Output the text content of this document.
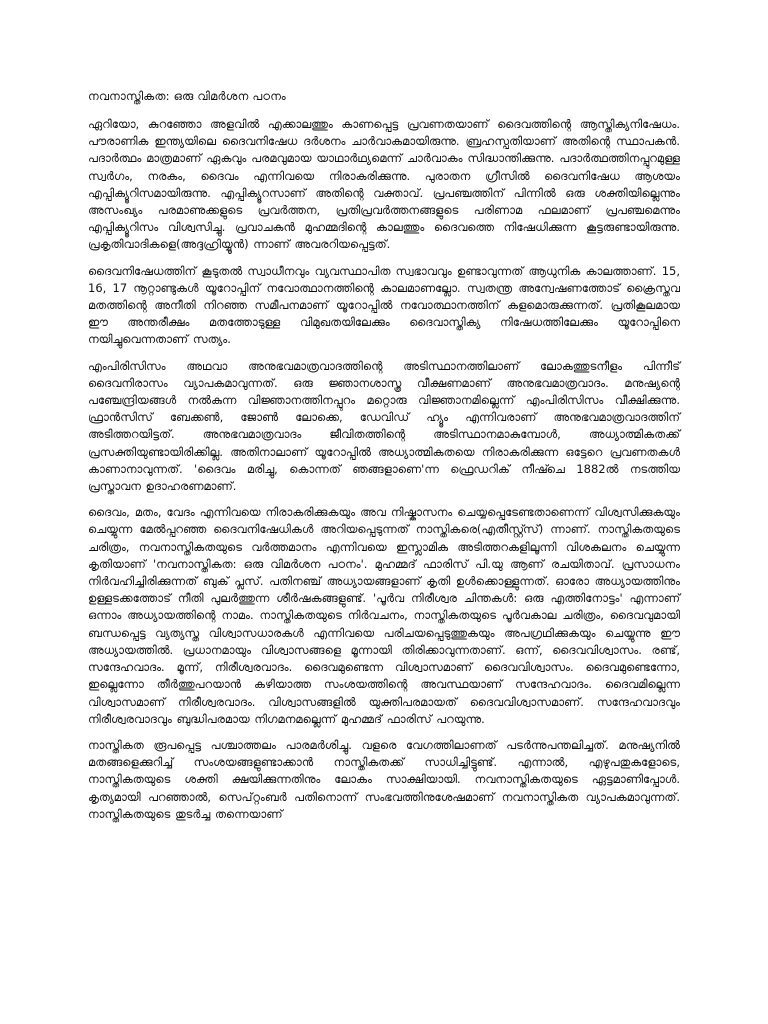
നവനാസ്തികത: ഒരു വിമർശന പഠനം

ഏറിയോ, കുറഞ്ഞോ അളവിൽ എക്കാലത്തും കാണപ്പെട്ട പ്രവണതയാണ് ദൈവത്തിന്റെ ആസ്തിക്യനിഷേധം. പൗരാണിക ഇന്ത്യയിലെ ദൈവനിഷേധ ദർശനം ചാർവാകമായിരുന്നു. ബ്രഹസ്പതിയാണ് അതിന്റെ സ്ഥാപകൻ. പദാർത്ഥം മാത്രമാണ് ഏകവും പരമവുമായ യാഥാർഥ്യമെന്ന് ചാർവാകം സിദ്ധാന്തിക്കുന്നു. പദാർത്ഥത്തിനപ്പുറമുള്ള സ്വർഗം, നരകം, ദൈവം എന്നിവയെ നിരാകരിക്കുന്നു. പുരാതന ഗ്രീസിൽ ദൈവനിഷേധ ആശയം എപ്പിക്യൂറിസമായിരുന്നു. എപ്പിക്യൂറസാണ് അതിന്റെ വക്താവ്. പ്രപഞ്ചത്തിന് പിന്നിൽ ഒരു ശക്തിയില്ലെന്നും അസംഖ്യം പരമാണുക്കളുടെ പ്രവർത്തന, പ്രതിപ്രവർത്തനങ്ങളുടെ പരിണാമ ഫലമാണ് പ്രപഞ്ചമെന്നും എപ്പിക്യൂറിസം വിശ്വസിച്ചു. പ്രവാചകൻ മുഹമ്മദിന്റെ കാലത്തും ദൈവത്തെ നിഷേധിക്കുന്ന കൂട്ടരുണ്ടായിരുന്നു. പ്രകൃതിവാദികളെ(അദ്ദഹ്രിയ്യൂൻ) ന്നാണ് അവരറിയപ്പെട്ടത്.

ദൈവനിഷേധത്തിന് കൂടുതൽ സ്വാധീനവും വ്യവസ്ഥാപിത സ്വഭാവവും ഉണ്ടാവുന്നത് ആധുനിക കാലത്താണ്. 15, 16, 17 നൂറ്റാണ്ടുകൾ യൂറോപ്പിന് നവോത്ഥാനത്തിന്റെ കാലമാണല്ലോ. സ്വതന്ത്ര അന്വേഷണത്തോട് ക്രൈസ്തവ മതത്തിന്റെ അനീതി നിറഞ്ഞ സമീപനമാണ് യൂറോപ്പിൽ നവോത്ഥാനത്തിന് കളമൊരുക്കുന്നത്. പ്രതികൂലമായ ഈ അന്തരീക്ഷം മതത്തോടുള്ള വിമുഖതയിലേക്കും ദൈവാസ്തിക്യ നിഷേധത്തിലേക്കും യൂറോപ്പിനെ നയിച്ചുവെന്നതാണ് സത്യം.

എംപിരിസിസം അഥവാ അനുഭവമാത്രവാദത്തിന്റെ അടിസ്ഥാനത്തിലാണ് ലോകത്തുടനീളം പിന്നീട് ദൈവനിരാസം വ്യാപകമാവുന്നത്. ഒരു ജ്ഞാനശാസ്ത്ര വീക്ഷണമാണ് അനുഭവമാത്രവാദം. മനുഷ്യന്റെ പഞ്ചേന്ദ്രിയങ്ങൾ നൽകുന്ന വിജ്ഞാനത്തിനപ്പുറം മറ്റൊരു വിജ്ഞാനമില്ലെന്ന് എംപിരിസിസം വീക്ഷിക്കുന്നു. ഫ്രാൻസിസ് ബേക്കൺ, ജോൺ ലോക്കെ, ഡേവിഡ് ഹ്യൂം എന്നിവരാണ് അനുഭവമാത്രവാദത്തിന് അടിത്തറയിട്ടത്. അനുഭവമാത്രവാദം ജീവിതത്തിന്റെ അടിസ്ഥാനമാകുമ്പോൾ, അധ്യാത്മികതക്ക് പ്രസക്തിയുണ്ടായിരിക്കില്ല. അതിനാലാണ് യൂറോപ്പിൽ അധ്യാത്മികതയെ നിരാകരിക്കുന്ന ഒട്ടേറെ പ്രവണതകൾ കാണാനാവുന്നത്. 'ദൈവം മരിച്ചു, കൊന്നത് ഞങ്ങളാണെ'ന്ന ഫ്രെഡറിക് നീഷ്ചെ 1882ൽ നടത്തിയ പ്രസ്താവന ഉദാഹരണമാണ്.

ദൈവം, മതം, വേദം എന്നിവയെ നിരാകരിക്കുകയും അവ നിഷ്കാസനം ചെയ്യപ്പെടേണ്ടതാണെന്ന് വിശ്വസിക്കുകയും ചെയ്യുന്ന മേൽപ്പറഞ്ഞ ദൈവനിഷേധികൾ അറിയപ്പെടുന്നത് നാസ്തികരെ(എതീസ്റ്റ്സ്) ന്നാണ്. നാസ്തികതയുടെ ചരിത്രം, നവനാസ്തികതയുടെ വർത്തമാനം എന്നിവയെ ഇസ്ലാമിക അടിത്തറകളിലൂന്നി വിശകലനം ചെയ്യുന്ന കൃതിയാണ് 'നവനാസ്തികത: ഒരു വിമർശന പഠനം'. മുഹമ്മദ് ഫാരിസ് പി.യു ആണ് രചയിതാവ്. പ്രസാധനം നിർവഹിച്ചിരിക്കുന്നത് ബുക് പ്ലസ്. പതിനഞ്ച് അധ്യായങ്ങളാണ് കൃതി ഉൾക്കൊള്ളുന്നത്. ഓരോ അധ്യായത്തിനും ഉള്ളടക്കത്തോട് നീതി പുലർത്തുന്ന ശീർഷകങ്ങളുണ്ട്. 'പൂർവ നിരീശ്വര ചിന്തകൾ: ഒരു എത്തിനോട്ടം' എന്നാണ് ഒന്നാം അധ്യായത്തിന്റെ നാമം. നാസ്തികതയുടെ നിർവചനം, നാസ്തികതയുടെ പൂർവകാല ചരിത്രം, ദൈവവുമായി ബന്ധപ്പെട്ട വ്യത്യസ്ത വിശ്വാസധാരകൾ എന്നിവയെ പരിചയപ്പെടുത്തുകയും അപഗ്രഥിക്കുകയും ചെയ്യുന്നു ഈ അധ്യായത്തിൽ. പ്രധാനമായും വിശ്വാസങ്ങളെ മൂന്നായി തിരിക്കാവുന്നതാണ്. ഒന്ന്, ദൈവവിശ്വാസം. രണ്ട്, സന്ദേഹവാദം. മൂന്ന്, നിരീശ്വരവാദം. ദൈവമുണ്ടെന്ന വിശ്വാസമാണ് ദൈവവിശ്വാസം. ദൈവമുണ്ടെന്നോ, ഇല്ലെന്നോ തീർത്തുപറയാൻ കഴിയാത്ത സംശയത്തിന്റെ അവസ്ഥയാണ് സന്ദേഹവാദം. ദൈവമില്ലെന്ന വിശ്വാസമാണ് നിരീശ്വരവാദം. വിശ്വാസങ്ങളിൽ യുക്തിപരമായത് ദൈവവിശ്വാസമാണ്. സന്ദേഹവാദവും നിരീശ്വരവാദവും ബുദ്ധിപരമായ നിഗമനമല്ലെന്ന് മുഹമ്മദ് ഫാരിസ് പറയുന്നു.

നാസ്തികത രൂപപ്പെട്ട പശ്ചാത്തലം പാരമർശിച്ചു. വളരെ വേഗത്തിലാണത് പടർന്നുപന്തലിച്ചത്. മനുഷ്യനിൽ മതങ്ങളെക്കുറിച്ച് സംശയങ്ങളുണ്ടാക്കാൻ നാസ്തികതക്ക് സാധിച്ചിട്ടുണ്ട്. എന്നാൽ, എഴുപതുകളോടെ, നാസ്തികതയുടെ ശക്തി ക്ഷയിക്കുന്നതിനും ലോകം സാക്ഷിയായി. നവനാസ്തികതയുടെ ഏട്ടമാണിപ്പോൾ. കൃത്യമായി പറഞ്ഞാൽ, സെപ്റ്റംബർ പതിനൊന്ന് സംഭവത്തിനുശേഷമാണ് നവനാസ്തികത വ്യാപകമാവുന്നത്. നാസ്തികതയുടെ തുടർച്ച തന്നെയാണ്
